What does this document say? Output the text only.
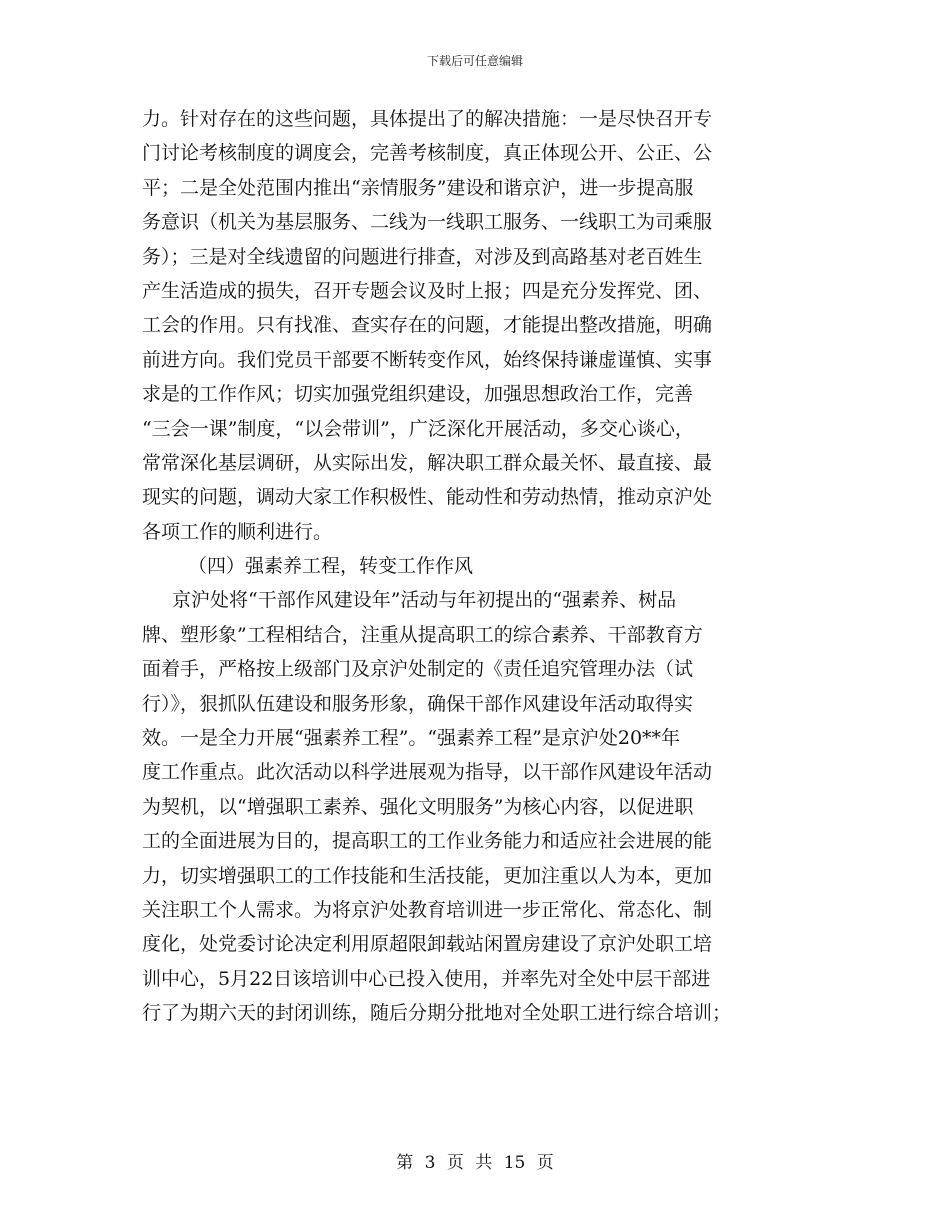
下载后可任意编辑
力。针对存在的这些问题，具体提出了的解决措施：一是尽快召开专
门讨论考核制度的调度会，完善考核制度，真正体现公开、公正、公
平；二是全处范围内推出“亲情服务”建设和谐京沪，进一步提高服
务意识（机关为基层服务、二线为一线职工服务、一线职工为司乘服
务）；三是对全线遗留的问题进行排查，对涉及到高路基对老百姓生
产生活造成的损失，召开专题会议及时上报；四是充分发挥党、团、
工会的作用。只有找准、查实存在的问题，才能提出整改措施，明确
前进方向。我们党员干部要不断转变作风，始终保持谦虚谨慎、实事
求是的工作作风；切实加强党组织建设，加强思想政治工作，完善
“三会一课”制度，“以会带训”，广泛深化开展活动，多交心谈心，
常常深化基层调研，从实际出发，解决职工群众最关怀、最直接、最
现实的问题，调动大家工作积极性、能动性和劳动热情，推动京沪处
各项工作的顺利进行。
（四）强素养工程，转变工作作风
京沪处将“干部作风建设年”活动与年初提出的“强素养、树品
牌、塑形象”工程相结合，注重从提高职工的综合素养、干部教育方
面着手，严格按上级部门及京沪处制定的《责任追究管理办法（试
行）》，狠抓队伍建设和服务形象，确保干部作风建设年活动取得实
效。一是全力开展“强素养工程”。“强素养工程”是京沪处20**年
度工作重点。此次活动以科学进展观为指导，以干部作风建设年活动
为契机，以“增强职工素养、强化文明服务”为核心内容，以促进职
工的全面进展为目的，提高职工的工作业务能力和适应社会进展的能
力，切实增强职工的工作技能和生活技能，更加注重以人为本，更加
关注职工个人需求。为将京沪处教育培训进一步正常化、常态化、制
度化，处党委讨论决定利用原超限卸载站闲置房建设了京沪处职工培
训中心，5月22日该培训中心已投入使用，并率先对全处中层干部进
行了为期六天的封闭训练，随后分期分批地对全处职工进行综合培训；
第 3 页 共 15 页
